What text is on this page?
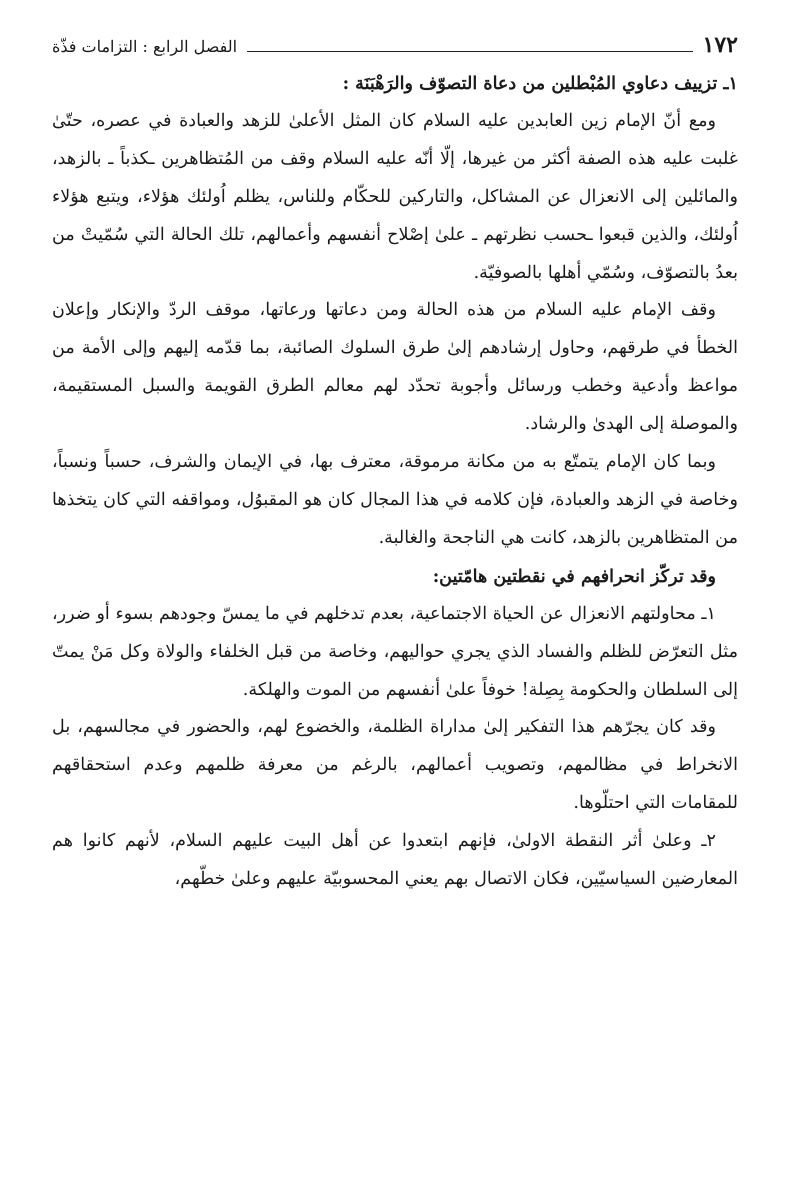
١٧٢
الفصل الرابع : التزامات فذّة

١ـ تزييف دعاوي المُبْطلين من دعاة التصوّف والرَهْبَنَة :

ومع أنّ الإمام زين العابدين عليه السلام كان المثل الأعلىٰ للزهد والعبادة في عصره، حتّىٰ غلبت عليه هذه الصفة أكثر من غيرها، إلّا أنّه عليه السلام وقف من المُتظاهرين ـكذباً ـ بالزهد، والمائلين إلى الانعزال عن المشاكل، والتاركين للحكّام وللناس، يظلم اُولئك هؤلاء، ويتبع هؤلاء اُولئك، والذين قبعوا ـحسب نظرتهم ـ علىٰ إصْلاح أنفسهم وأعمالهم، تلك الحالة التي سُمّيتْ من بعدُ بالتصوّف، وسُمّي أهلها بالصوفيّة.

وقف الإمام عليه السلام من هذه الحالة ومن دعاتها ورعاتها، موقف الردّ والإنكار وإعلان الخطأ في طرقهم، وحاول إرشادهم إلىٰ طرق السلوك الصائبة، بما قدّمه إليهم وإلى الأمة من مواعظ وأدعية وخطب ورسائل وأجوبة تحدّد لهم معالم الطرق القويمة والسبل المستقيمة، والموصلة إلى الهدىٰ والرشاد.

وبما كان الإمام يتمتّع به من مكانة مرموقة، معترف بها، في الإيمان والشرف، حسباً ونسباً، وخاصة في الزهد والعبادة، فإن كلامه في هذا المجال كان هو المقبوُل، ومواقفه التي كان يتخذها من المتظاهرين بالزهد، كانت هي الناجحة والغالبة.

وقد تركّز انحرافهم في نقطتين هامّتين:

١ـ محاولتهم الانعزال عن الحياة الاجتماعية، بعدم تدخلهم في ما يمسّ وجودهم بسوء أو ضرر، مثل التعرّض للظلم والفساد الذي يجري حواليهم، وخاصة من قبل الخلفاء والولاة وكل مَنْ يمتّ إلى السلطان والحكومة بِصِلة! خوفاً علىٰ أنفسهم من الموت والهلكة.

وقد كان يجرّهم هذا التفكير إلىٰ مداراة الظلمة، والخضوع لهم، والحضور في مجالسهم، بل الانخراط في مظالمهم، وتصويب أعمالهم، بالرغم من معرفة ظلمهم وعدم استحقاقهم للمقامات التي احتلّوها.

٢ـ وعلىٰ أثر النقطة الاولىٰ، فإنهم ابتعدوا عن أهل البيت عليهم السلام، لأنهم كانوا هم المعارضين السياسيّين، فكان الاتصال بهم يعني المحسوبيّة عليهم وعلىٰ خطّهم،
